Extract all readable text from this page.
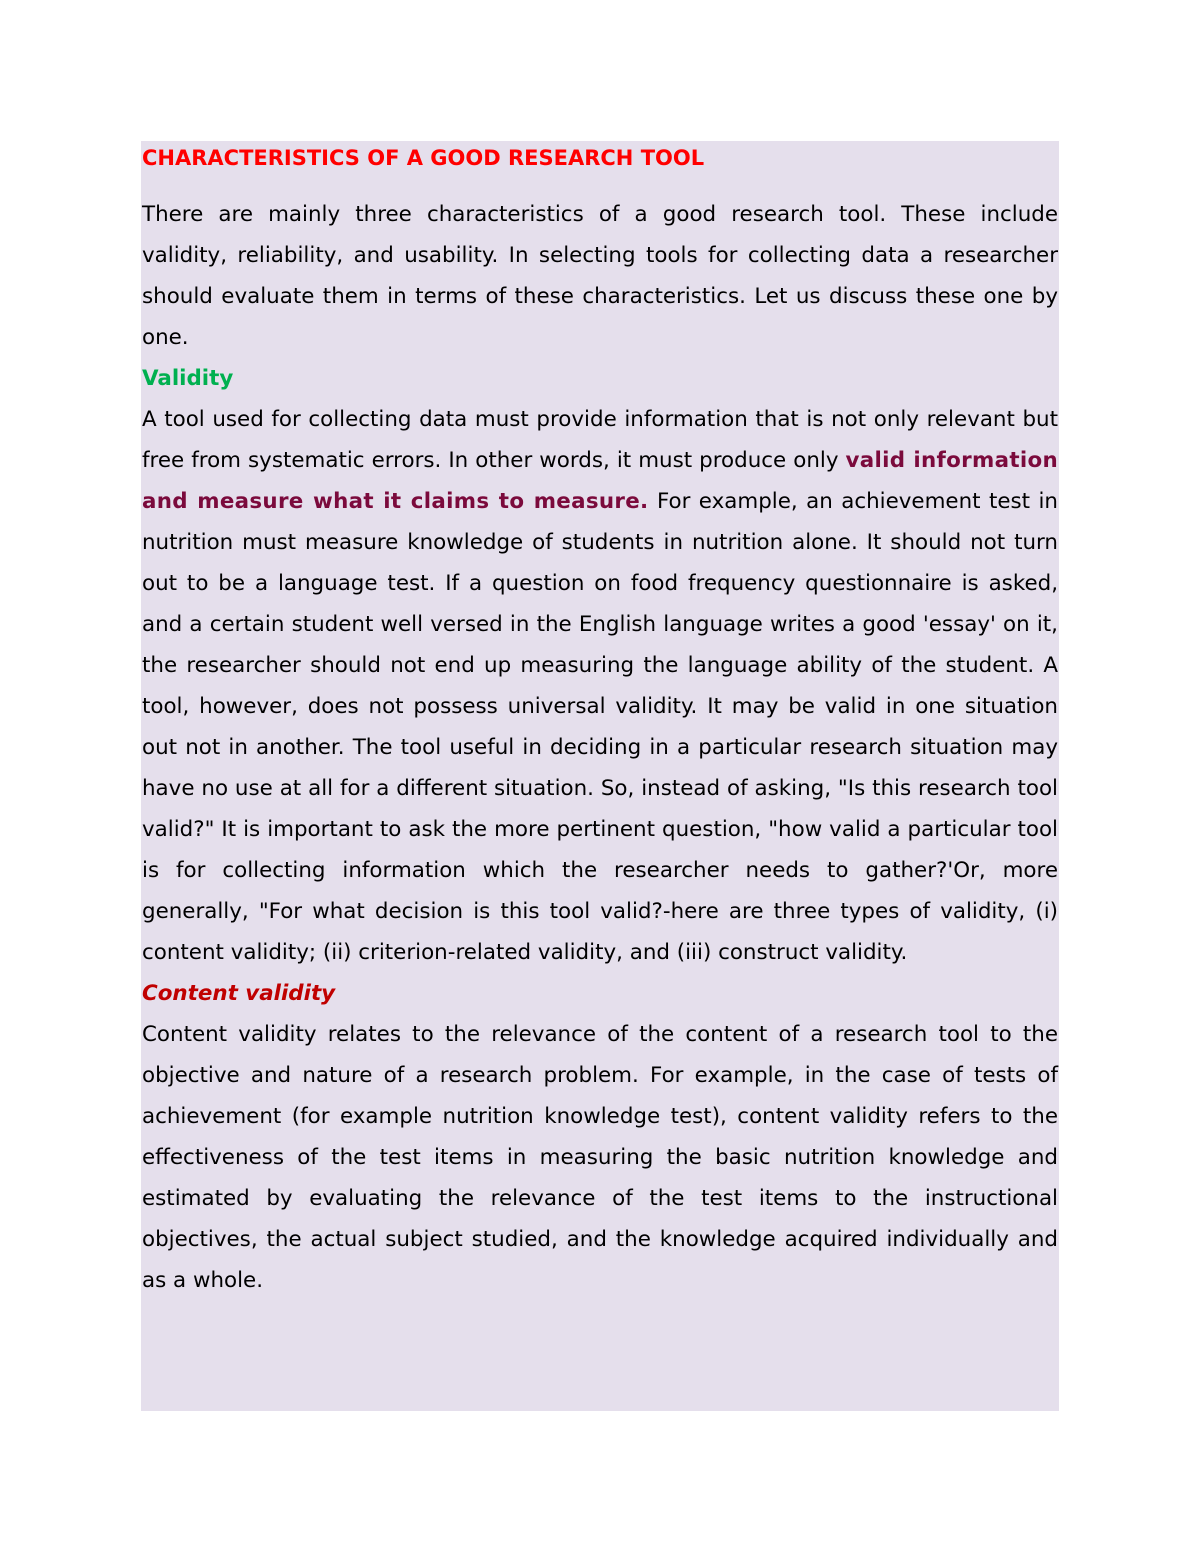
CHARACTERISTICS OF A GOOD RESEARCH TOOL

There are mainly three characteristics of a good research tool. These include validity, reliability, and usability. In selecting tools for collecting data a researcher should evaluate them in terms of these characteristics. Let us discuss these one by one.

Validity

A tool used for collecting data must provide information that is not only relevant but free from systematic errors. In other words, it must produce only valid information and measure what it claims to measure. For example, an achievement test in nutrition must measure knowledge of students in nutrition alone. It should not turn out to be a language test. If a question on food frequency questionnaire is asked, and a certain student well versed in the English language writes a good 'essay' on it, the researcher should not end up measuring the language ability of the student. A tool, however, does not possess universal validity. It may be valid in one situation out not in another. The tool useful in deciding in a particular research situation may have no use at all for a different situation. So, instead of asking, "Is this research tool valid?" It is important to ask the more pertinent question, "how valid a particular tool is for collecting information which the researcher needs to gather?'Or, more generally, "For what decision is this tool valid?-here are three types of validity, (i) content validity; (ii) criterion-related validity, and (iii) construct validity.

Content validity

Content validity relates to the relevance of the content of a research tool to the objective and nature of a research problem. For example, in the case of tests of achievement (for example nutrition knowledge test), content validity refers to the effectiveness of the test items in measuring the basic nutrition knowledge and estimated by evaluating the relevance of the test items to the instructional objectives, the actual subject studied, and the knowledge acquired individually and as a whole.
